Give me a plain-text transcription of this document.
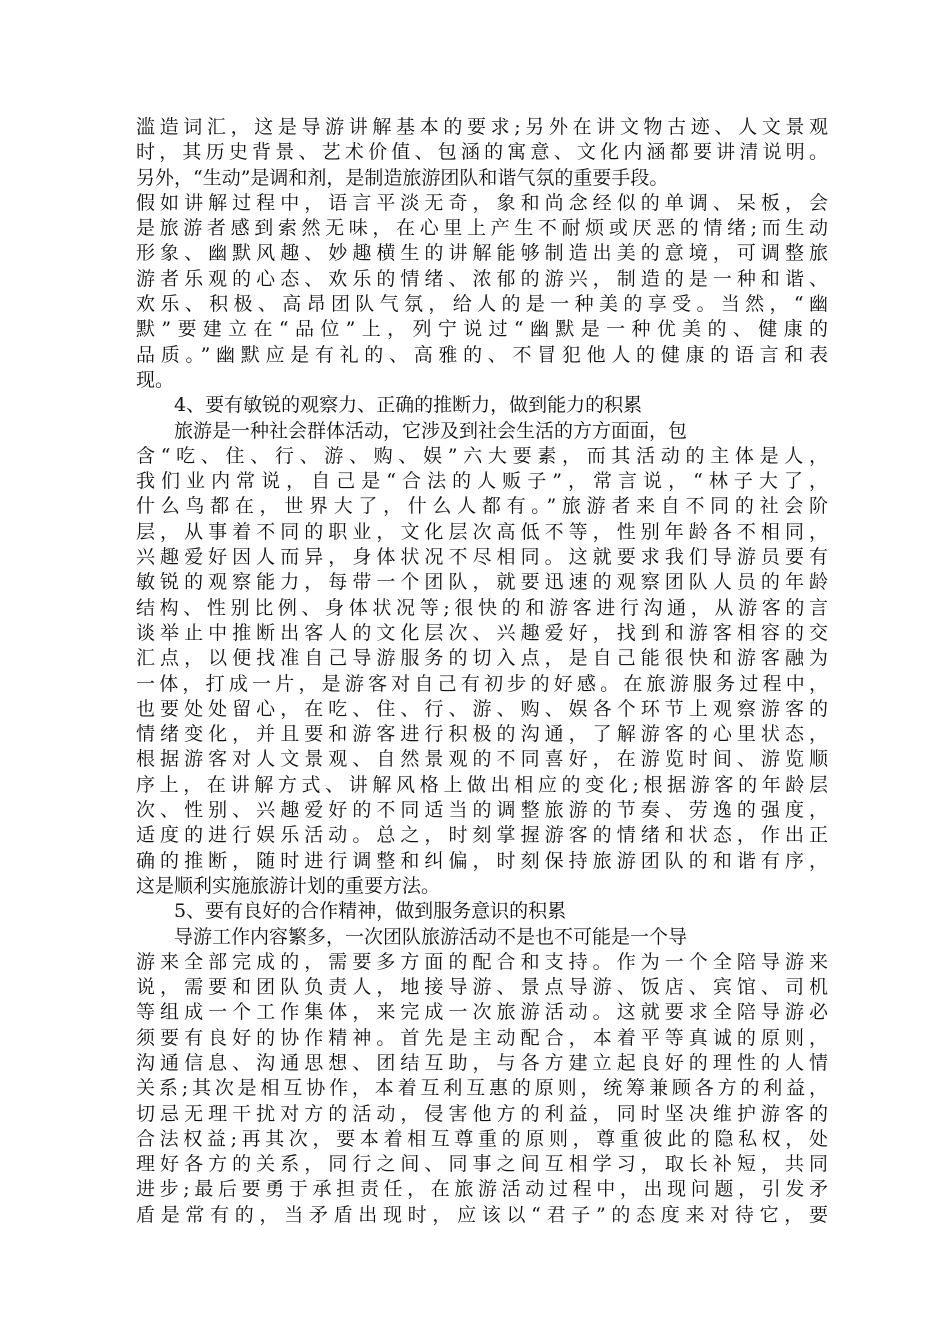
滥造词汇，这是导游讲解基本的要求;另外在讲文物古迹、人文景观
时，其历史背景、艺术价值、包涵的寓意、文化内涵都要讲清说明。
另外，“生动”是调和剂，是制造旅游团队和谐气氛的重要手段。
假如讲解过程中，语言平淡无奇，象和尚念经似的单调、呆板，会
是旅游者感到索然无味，在心里上产生不耐烦或厌恶的情绪;而生动
形象、幽默风趣、妙趣横生的讲解能够制造出美的意境，可调整旅
游者乐观的心态、欢乐的情绪、浓郁的游兴，制造的是一种和谐、
欢乐、积极、高昂团队气氛，给人的是一种美的享受。当然，“幽
默”要建立在“品位”上，列宁说过“幽默是一种优美的、健康的
品质。”幽默应是有礼的、高雅的、不冒犯他人的健康的语言和表
现。
4、要有敏锐的观察力、正确的推断力，做到能力的积累
旅游是一种社会群体活动，它涉及到社会生活的方方面面，包
含“吃、住、行、游、购、娱”六大要素，而其活动的主体是人，
我们业内常说，自己是“合法的人贩子”，常言说，“林子大了，
什么鸟都在，世界大了，什么人都有。”旅游者来自不同的社会阶
层，从事着不同的职业，文化层次高低不等，性别年龄各不相同，
兴趣爱好因人而异，身体状况不尽相同。这就要求我们导游员要有
敏锐的观察能力，每带一个团队，就要迅速的观察团队人员的年龄
结构、性别比例、身体状况等;很快的和游客进行沟通，从游客的言
谈举止中推断出客人的文化层次、兴趣爱好，找到和游客相容的交
汇点，以便找准自己导游服务的切入点，是自己能很快和游客融为
一体，打成一片，是游客对自己有初步的好感。在旅游服务过程中，
也要处处留心，在吃、住、行、游、购、娱各个环节上观察游客的
情绪变化，并且要和游客进行积极的沟通，了解游客的心里状态，
根据游客对人文景观、自然景观的不同喜好，在游览时间、游览顺
序上，在讲解方式、讲解风格上做出相应的变化;根据游客的年龄层
次、性别、兴趣爱好的不同适当的调整旅游的节奏、劳逸的强度，
适度的进行娱乐活动。总之，时刻掌握游客的情绪和状态，作出正
确的推断，随时进行调整和纠偏，时刻保持旅游团队的和谐有序，
这是顺利实施旅游计划的重要方法。
5、要有良好的合作精神，做到服务意识的积累
导游工作内容繁多，一次团队旅游活动不是也不可能是一个导
游来全部完成的，需要多方面的配合和支持。作为一个全陪导游来
说，需要和团队负责人，地接导游、景点导游、饭店、宾馆、司机
等组成一个工作集体，来完成一次旅游活动。这就要求全陪导游必
须要有良好的协作精神。首先是主动配合，本着平等真诚的原则，
沟通信息、沟通思想、团结互助，与各方建立起良好的理性的人情
关系;其次是相互协作，本着互利互惠的原则，统筹兼顾各方的利益，
切忌无理干扰对方的活动，侵害他方的利益，同时坚决维护游客的
合法权益;再其次，要本着相互尊重的原则，尊重彼此的隐私权，处
理好各方的关系，同行之间、同事之间互相学习，取长补短，共同
进步;最后要勇于承担责任，在旅游活动过程中，出现问题，引发矛
盾是常有的，当矛盾出现时，应该以“君子”的态度来对待它，要
